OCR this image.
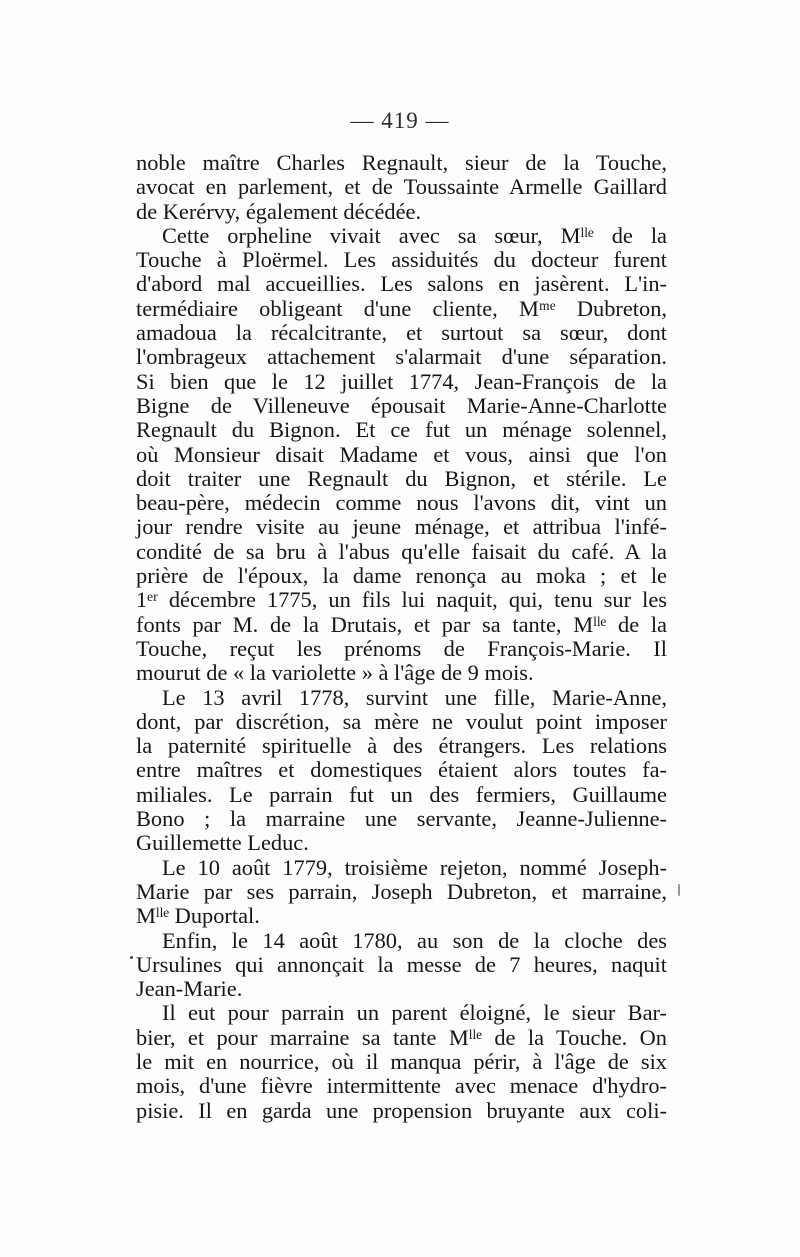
— 419 —
noble maître Charles Regnault, sieur de la Touche,
avocat en parlement, et de Toussainte Armelle Gaillard
de Kerérvy, également décédée.
Cette orpheline vivait avec sa sœur, Mˡˡᵉ de la
Touche à Ploërmel. Les assiduités du docteur furent
d'abord mal accueillies. Les salons en jasèrent. L'in-
termédiaire obligeant d'une cliente, Mᵐᵉ Dubreton,
amadoua la récalcitrante, et surtout sa sœur, dont
l'ombrageux attachement s'alarmait d'une séparation.
Si bien que le 12 juillet 1774, Jean-François de la
Bigne de Villeneuve épousait Marie-Anne-Charlotte
Regnault du Bignon. Et ce fut un ménage solennel,
où Monsieur disait Madame et vous, ainsi que l'on
doit traiter une Regnault du Bignon, et stérile. Le
beau-père, médecin comme nous l'avons dit, vint un
jour rendre visite au jeune ménage, et attribua l'infé-
condité de sa bru à l'abus qu'elle faisait du café. A la
prière de l'époux, la dame renonça au moka ; et le
1ᵉʳ décembre 1775, un fils lui naquit, qui, tenu sur les
fonts par M. de la Drutais, et par sa tante, Mˡˡᵉ de la
Touche, reçut les prénoms de François-Marie. Il
mourut de « la variolette » à l'âge de 9 mois.
Le 13 avril 1778, survint une fille, Marie-Anne,
dont, par discrétion, sa mère ne voulut point imposer
la paternité spirituelle à des étrangers. Les relations
entre maîtres et domestiques étaient alors toutes fa-
miliales. Le parrain fut un des fermiers, Guillaume
Bono ; la marraine une servante, Jeanne-Julienne-
Guillemette Leduc.
Le 10 août 1779, troisième rejeton, nommé Joseph-
Marie par ses parrain, Joseph Dubreton, et marraine,
Mˡˡᵉ Duportal.
Enfin, le 14 août 1780, au son de la cloche des
Ursulines qui annonçait la messe de 7 heures, naquit
Jean-Marie.
Il eut pour parrain un parent éloigné, le sieur Bar-
bier, et pour marraine sa tante Mˡˡᵉ de la Touche. On
le mit en nourrice, où il manqua périr, à l'âge de six
mois, d'une fièvre intermittente avec menace d'hydro-
pisie. Il en garda une propension bruyante aux coli-
